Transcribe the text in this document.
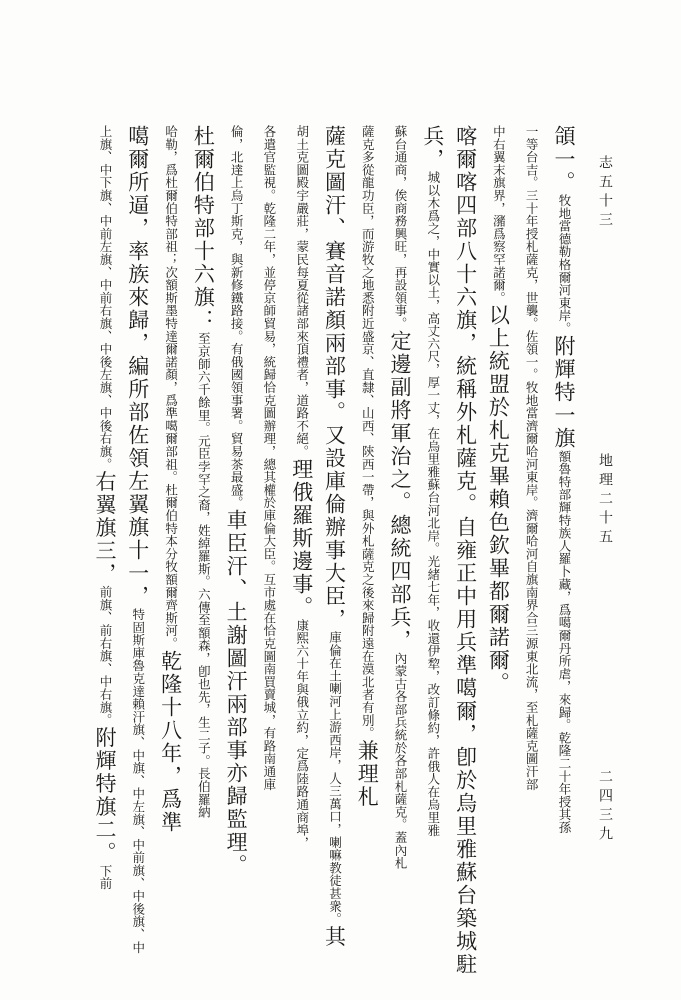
志五十三
地理二十五
二四三九
頜一。牧地當德勒格爾河東岸。附輝特一旗額魯特部輝特族人羅卜藏，爲噶爾丹所虐，來歸。乾隆二十年授其孫
一等台吉。三十年授札薩克，世襲。佐領一。牧地當濟爾哈河東岸。濟爾哈河自旗南界合三源東北流，至札薩克圖汗部
中右翼末旗界，瀦爲察罕諾爾。以上統盟於札克畢賴色欽畢都爾諾爾。
喀爾喀四部八十六旗，統稱外札薩克。自雍正中用兵準噶爾，卽於烏里雅蘇台築城駐
兵，城以木爲之，中實以土，高丈六尺，厚一丈，在烏里雅蘇台河北岸。光緒七年，收還伊犂，改訂條約，許俄人在烏里雅
蘇台通商，俟商務興旺，再設領事。定邊副將軍治之。總統四部兵，內蒙古各部兵統於各部札薩克。蓋內札
薩克多從龍功臣，而游牧之地悉附近盛京、直隸、山西、陝西一帶，與外札薩克之後來歸附遠在漠北者有別。兼理札
薩克圖汗、賽音諾顏兩部事。又設庫倫辦事大臣，庫倫在土喇河上游西岸，人三萬口，喇嘛教徒甚衆。其
胡土克圖殿宇嚴莊，蒙民每夏從諸部來頂禮者，道路不絕。理俄羅斯邊事。康熙六十年與俄立約，定爲陸路通商埠，
各遣官監視。乾隆二年，並停京師貿易，統歸恰克圖辦理，總其權於庫倫大臣。互市處在恰克圖南買賣城，有路南通庫
倫，北達上烏丁斯克，與新修鐵路接。有俄國領事署。貿易茶最盛。車臣汗、土謝圖汗兩部事亦歸監理。
杜爾伯特部十六旗：至京師六千餘里。元臣孛罕之裔，姓綽羅斯。六傳至額森，卽也先，生二子。長伯羅納
哈勒，爲杜爾伯特部祖；次額斯墨特達爾諾顏，爲準噶爾部祖。杜爾伯特本分牧額爾齊斯河。乾隆十八年，爲準
噶爾所逼，率族來歸，編所部佐領左翼旗十一，特固斯庫魯克達賴汗旗、中旗、中左旗、中前旗、中後旗、中
上旗、中下旗、中前左旗、中前右旗、中後左旗、中後右旗。右翼旗三，前旗、前右旗、中右旗。附輝特旗二。下前
